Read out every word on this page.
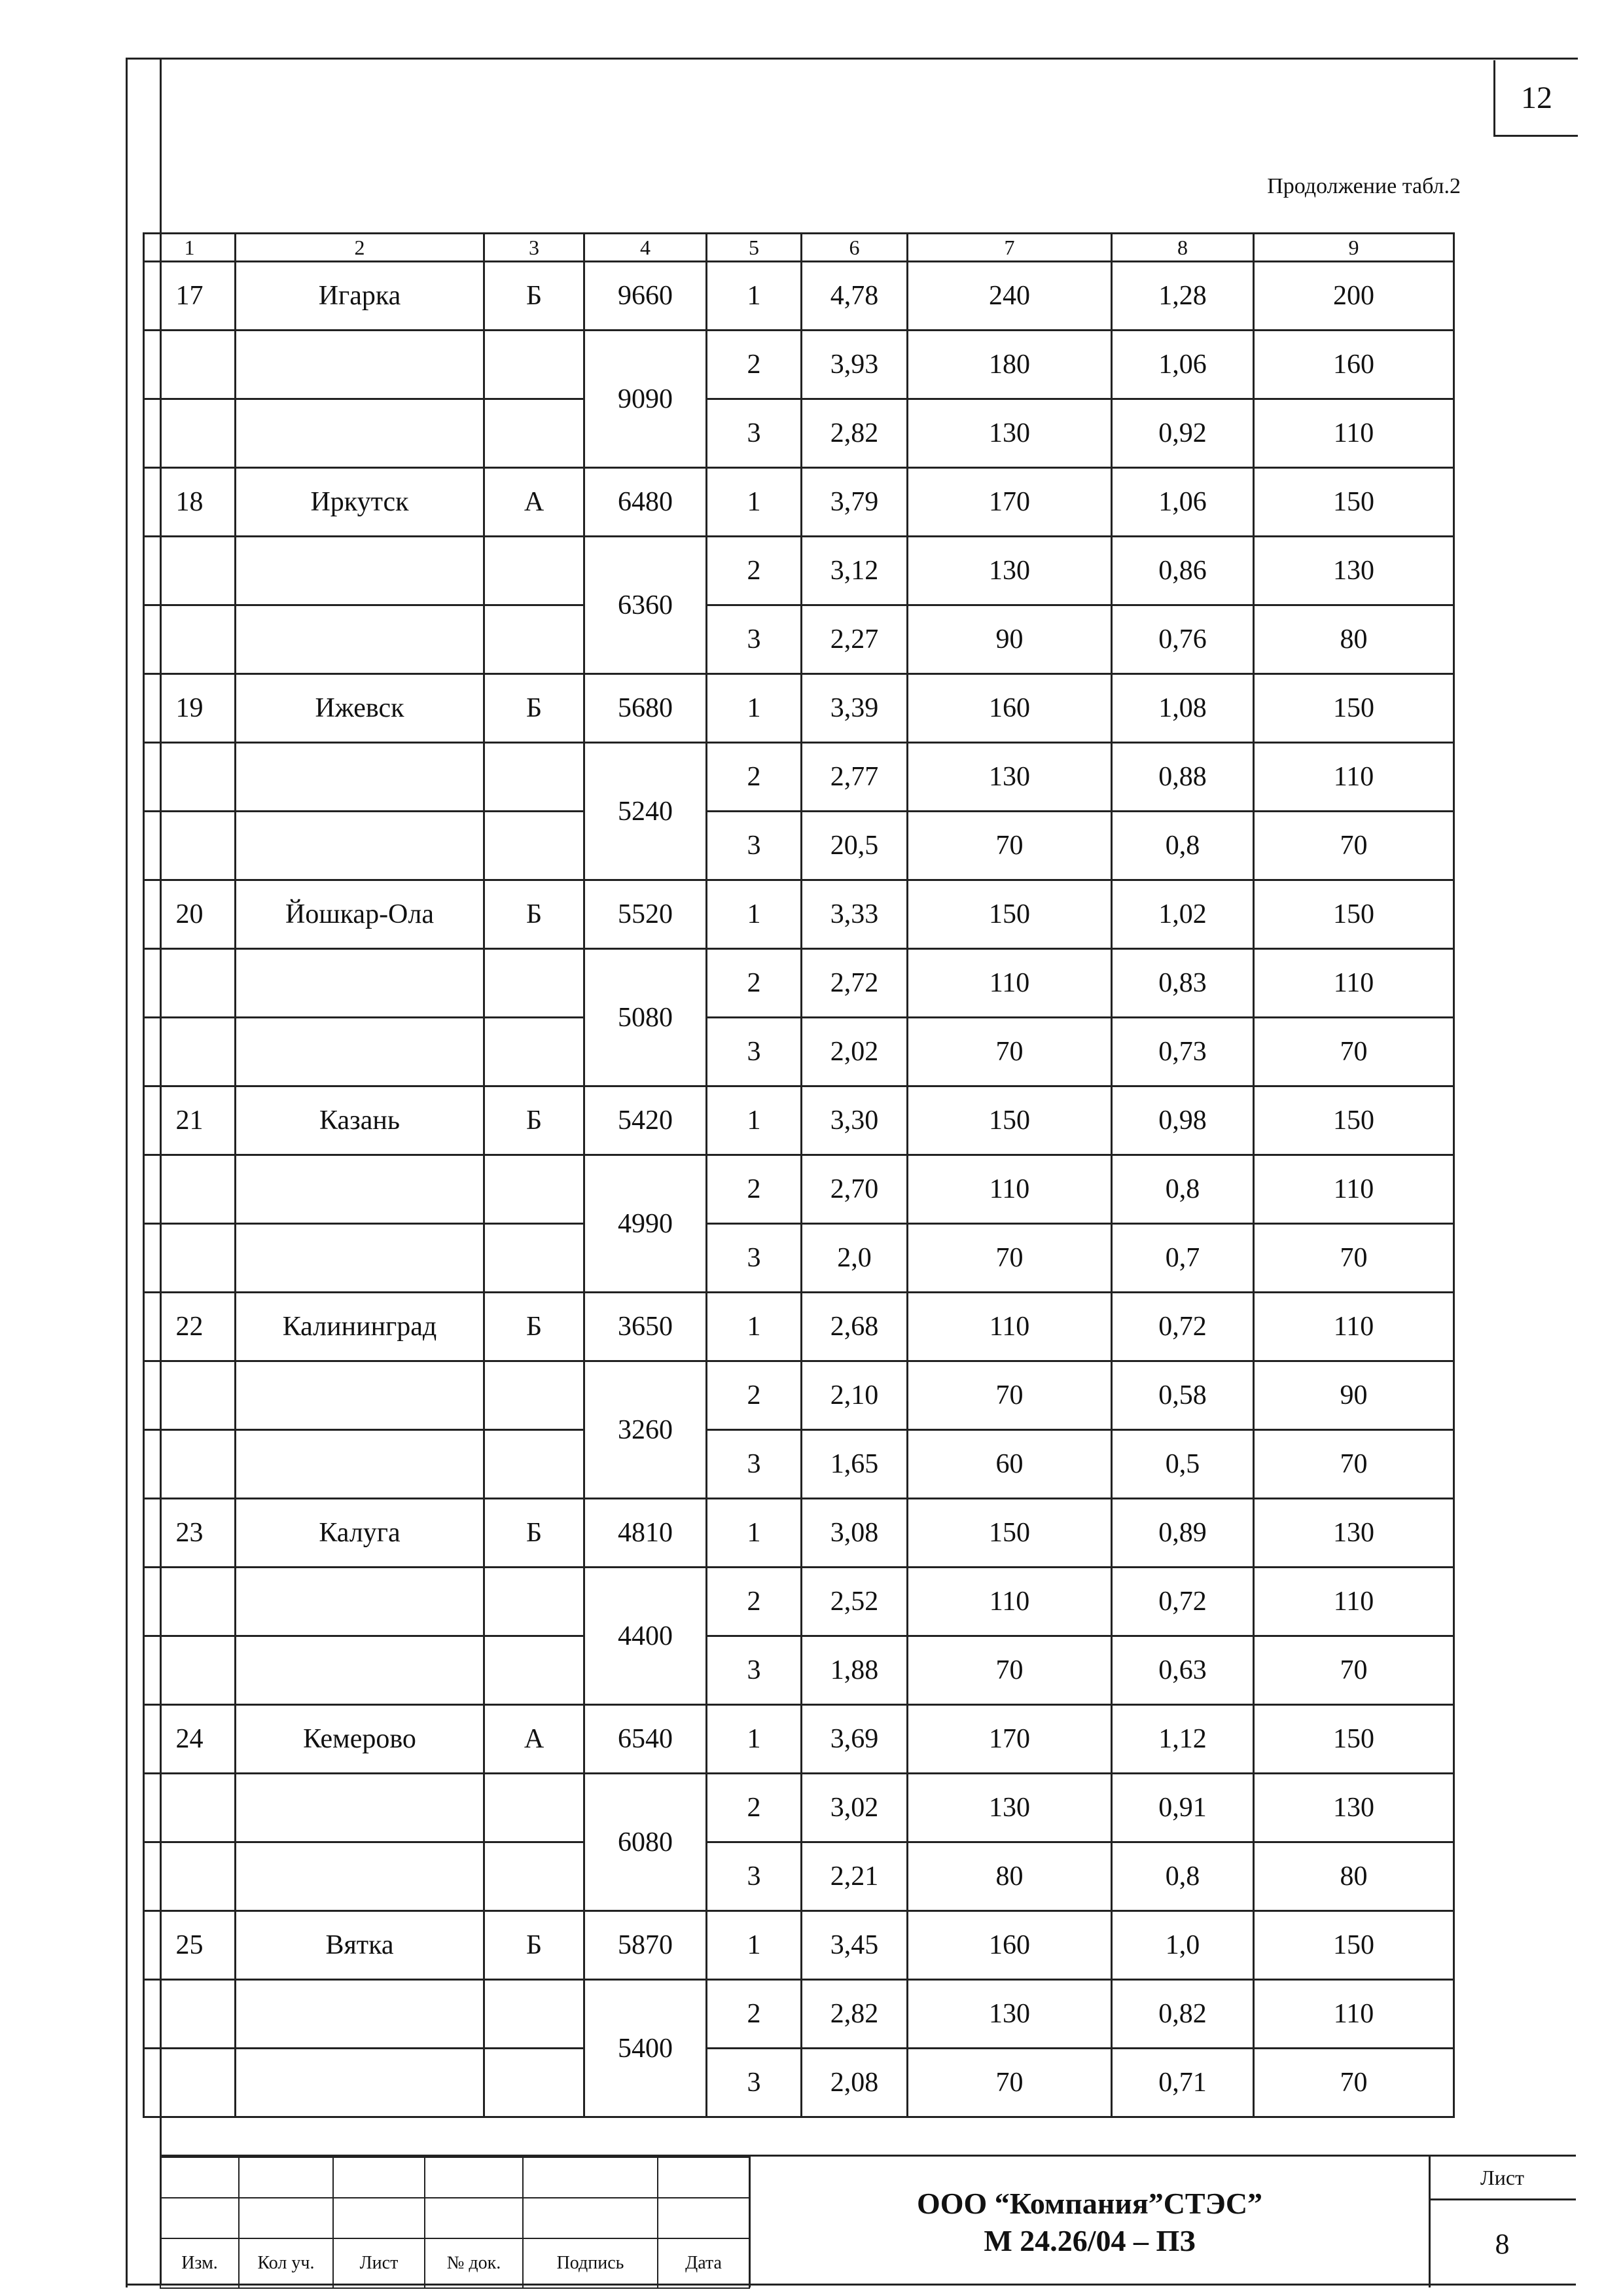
12
Продолжение табл.2
1	2	3	4	5	6	7	8	9
17	Игарка	Б	9660	1	4,78	240	1,28	200
			9090	2	3,93	180	1,06	160
				3	2,82	130	0,92	110
18	Иркутск	А	6480	1	3,79	170	1,06	150
			6360	2	3,12	130	0,86	130
				3	2,27	90	0,76	80
19	Ижевск	Б	5680	1	3,39	160	1,08	150
			5240	2	2,77	130	0,88	110
				3	20,5	70	0,8	70
20	Йошкар-Ола	Б	5520	1	3,33	150	1,02	150
			5080	2	2,72	110	0,83	110
				3	2,02	70	0,73	70
21	Казань	Б	5420	1	3,30	150	0,98	150
			4990	2	2,70	110	0,8	110
				3	2,0	70	0,7	70
22	Калининград	Б	3650	1	2,68	110	0,72	110
			3260	2	2,10	70	0,58	90
				3	1,65	60	0,5	70
23	Калуга	Б	4810	1	3,08	150	0,89	130
			4400	2	2,52	110	0,72	110
				3	1,88	70	0,63	70
24	Кемерово	А	6540	1	3,69	170	1,12	150
			6080	2	3,02	130	0,91	130
				3	2,21	80	0,8	80
25	Вятка	Б	5870	1	3,45	160	1,0	150
			5400	2	2,82	130	0,82	110
				3	2,08	70	0,71	70

Изм.	Кол уч.	Лист	№ док.	Подпись	Дата
ООО “Компания”СТЭС”
М 24.26/04 – ПЗ
Лист
8
